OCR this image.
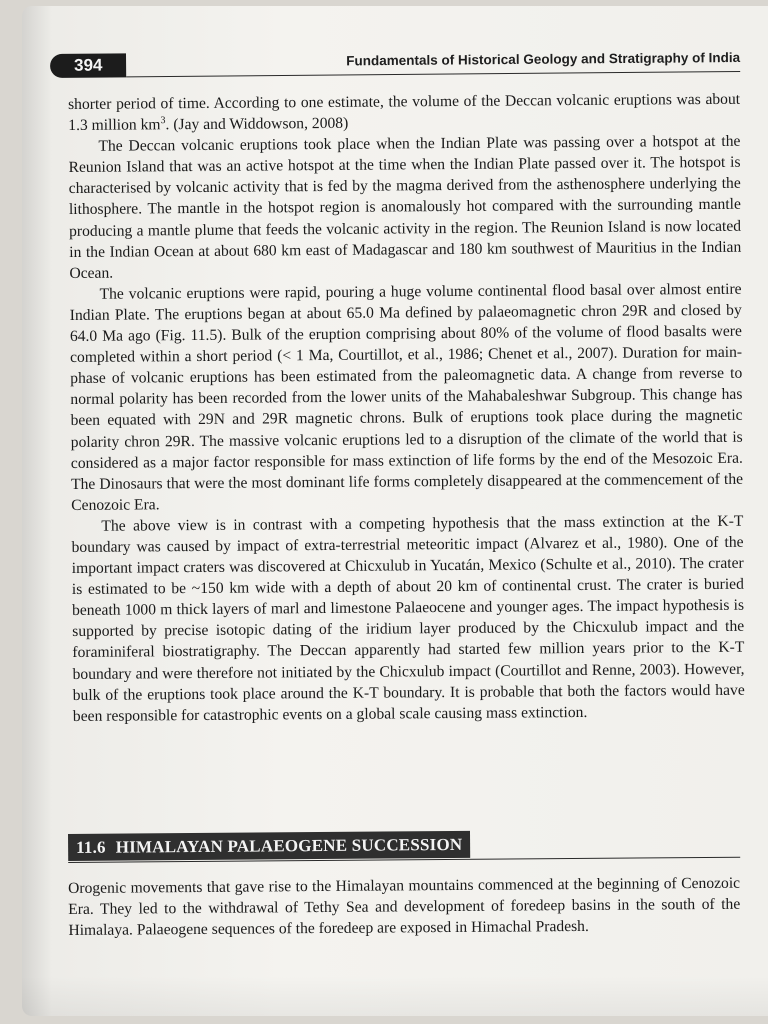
394	Fundamentals of Historical Geology and Stratigraphy of India

shorter period of time. According to one estimate, the volume of the Deccan volcanic eruptions was about 1.3 million $km^3$. (Jay and Widdowson, 2008)

The Deccan volcanic eruptions took place when the Indian Plate was passing over a hotspot at the Reunion Island that was an active hotspot at the time when the Indian Plate passed over it. The hotspot is characterised by volcanic activity that is fed by the magma derived from the asthenosphere underlying the lithosphere. The mantle in the hotspot region is anomalously hot compared with the surrounding mantle producing a mantle plume that feeds the volcanic activity in the region. The Reunion Island is now located in the Indian Ocean at about 680 km east of Madagascar and 180 km southwest of Mauritius in the Indian Ocean.

The volcanic eruptions were rapid, pouring a huge volume continental flood basal over almost entire Indian Plate. The eruptions began at about 65.0 Ma defined by palaeomagnetic chron 29R and closed by 64.0 Ma ago (Fig. 11.5). Bulk of the eruption comprising about 80% of the volume of flood basalts were completed within a short period (< 1 Ma, Courtillot, et al., 1986; Chenet et al., 2007). Duration for main-phase of volcanic eruptions has been estimated from the paleomagnetic data. A change from reverse to normal polarity has been recorded from the lower units of the Mahabaleshwar Subgroup. This change has been equated with 29N and 29R magnetic chrons. Bulk of eruptions took place during the magnetic polarity chron 29R. The massive volcanic eruptions led to a disruption of the climate of the world that is considered as a major factor responsible for mass extinction of life forms by the end of the Mesozoic Era. The Dinosaurs that were the most dominant life forms completely disappeared at the commencement of the Cenozoic Era.

The above view is in contrast with a competing hypothesis that the mass extinction at the K-T boundary was caused by impact of extra-terrestrial meteoritic impact (Alvarez et al., 1980). One of the important impact craters was discovered at Chicxulub in Yucatán, Mexico (Schulte et al., 2010). The crater is estimated to be ~150 km wide with a depth of about 20 km of continental crust. The crater is buried beneath 1000 m thick layers of marl and limestone Palaeocene and younger ages. The impact hypothesis is supported by precise isotopic dating of the iridium layer produced by the Chicxulub impact and the foraminiferal biostratigraphy. The Deccan apparently had started few million years prior to the K-T boundary and were therefore not initiated by the Chicxulub impact (Courtillot and Renne, 2003). However, bulk of the eruptions took place around the K-T boundary. It is probable that both the factors would have been responsible for catastrophic events on a global scale causing mass extinction.

11.6 HIMALAYAN PALAEOGENE SUCCESSION

Orogenic movements that gave rise to the Himalayan mountains commenced at the beginning of Cenozoic Era. They led to the withdrawal of Tethy Sea and development of foredeep basins in the south of the Himalaya. Palaeogene sequences of the foredeep are exposed in Himachal Pradesh.
